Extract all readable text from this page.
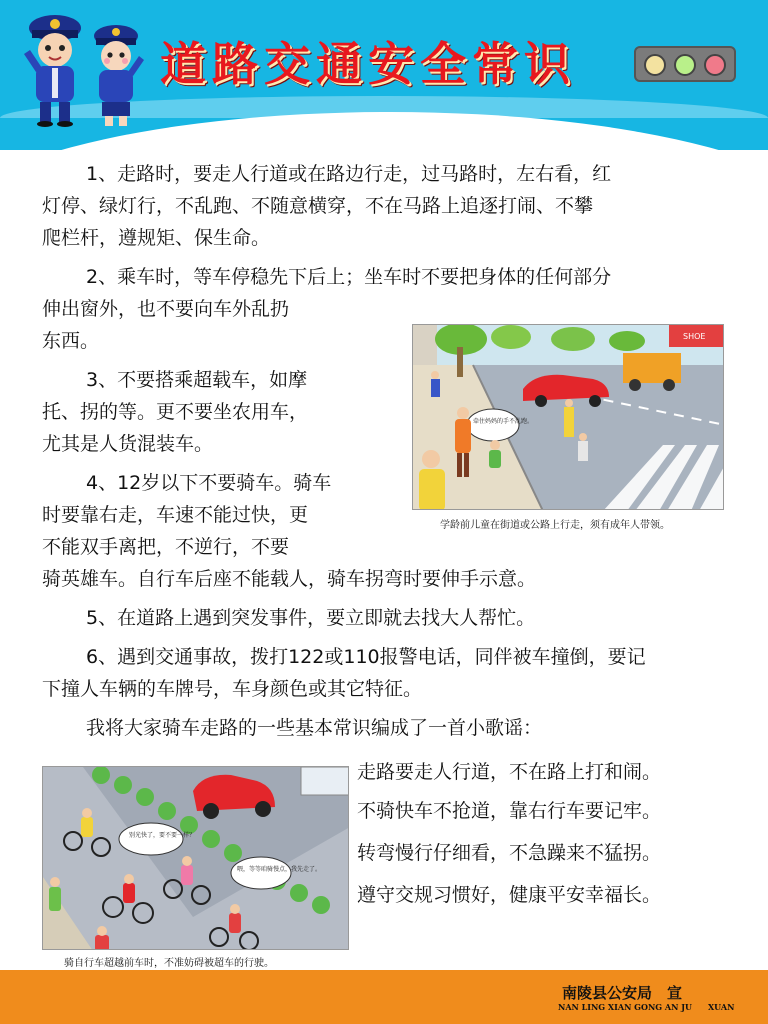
道路交通安全常识
1、走路时，要走人行道或在路边行走，过马路时，左右看，红
灯停、绿灯行，不乱跑、不随意横穿，不在马路上追逐打闹、不攀
爬栏杆，遵规矩、保生命。
2、乘车时，等车停稳先下后上；坐车时不要把身体的任何部分
伸出窗外，也不要向车外乱扔
东西。
3、不要搭乘超载车，如摩
托、拐的等。更不要坐农用车，
尤其是人货混装车。
4、12岁以下不要骑车。骑车
时要靠右走，车速不能过快，更
不能双手离把，不逆行，不要
骑英雄车。自行车后座不能载人，骑车拐弯时要伸手示意。
5、在道路上遇到突发事件，要立即就去找大人帮忙。
6、遇到交通事故，拨打122或110报警电话，同伴被车撞倒，要记
下撞人车辆的车牌号，车身颜色或其它特征。
我将大家骑车走路的一些基本常识编成了一首小歌谣：
SHOE
牵住妈妈的手不乱跑。
学龄前儿童在街道或公路上行走，须有成年人带领。
别光快了，要不要一样？
喂，等等咱骑慢点，我先走了。
骑自行车超越前车时，不准妨碍被超车的行驶。
走路要走人行道，不在路上打和闹。
不骑快车不抢道，靠右行车要记牢。
转弯慢行仔细看，不急躁来不猛拐。
遵守交规习惯好，健康平安幸福长。
南陵县公安局　宣
NAN LING XIAN GONG AN JU　　XUAN
